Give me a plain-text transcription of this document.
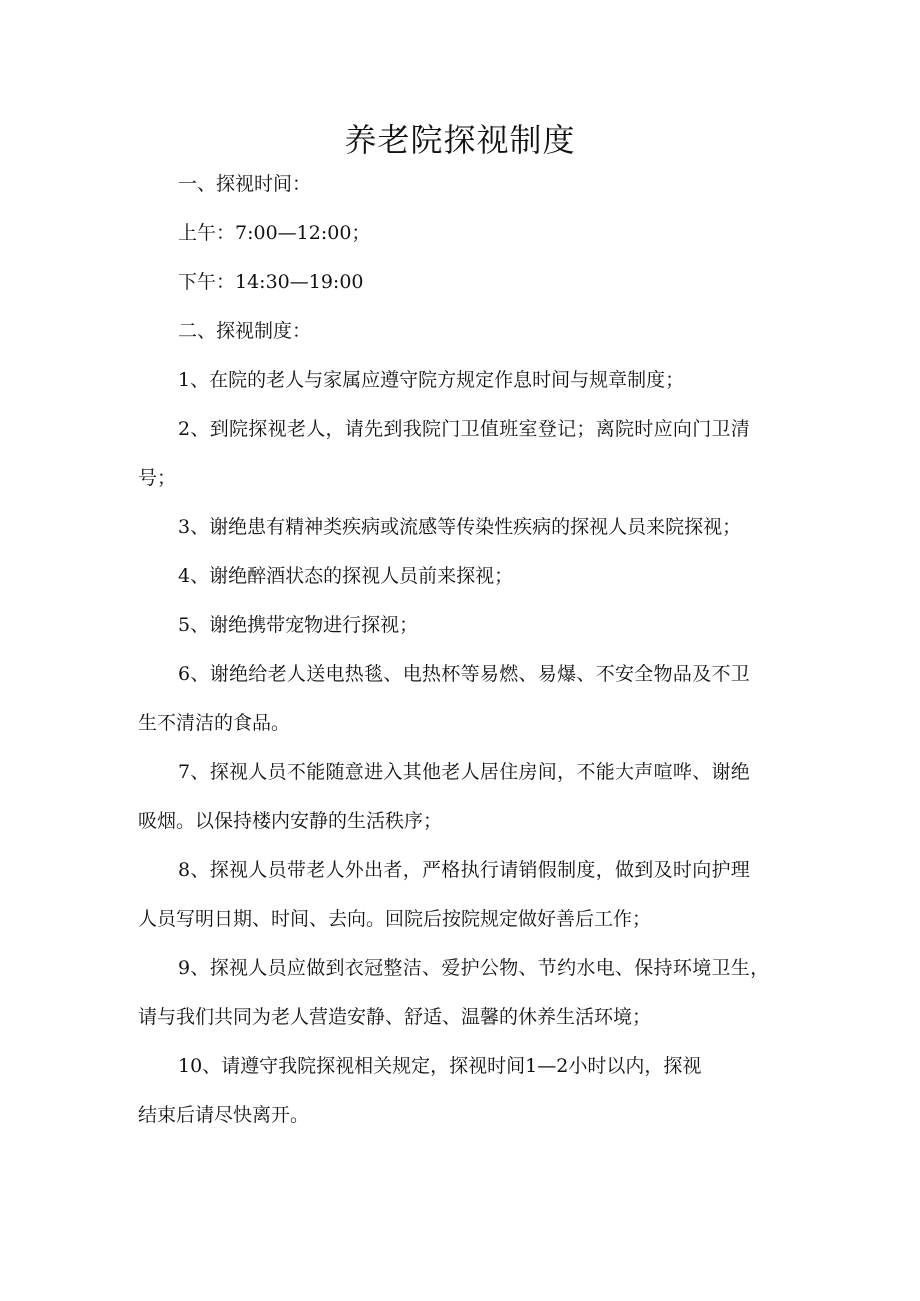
养老院探视制度

一、探视时间：

上午：7:00—12:00；

下午：14:30—19:00

二、探视制度：

1、在院的老人与家属应遵守院方规定作息时间与规章制度；

2、到院探视老人，请先到我院门卫值班室登记；离院时应向门卫清

号；

3、谢绝患有精神类疾病或流感等传染性疾病的探视人员来院探视；

4、谢绝醉酒状态的探视人员前来探视；

5、谢绝携带宠物进行探视；

6、谢绝给老人送电热毯、电热杯等易燃、易爆、不安全物品及不卫

生不清洁的食品。

7、探视人员不能随意进入其他老人居住房间，不能大声喧哗、谢绝

吸烟。以保持楼内安静的生活秩序；

8、探视人员带老人外出者，严格执行请销假制度，做到及时向护理

人员写明日期、时间、去向。回院后按院规定做好善后工作；

9、探视人员应做到衣冠整洁、爱护公物、节约水电、保持环境卫生，

请与我们共同为老人营造安静、舒适、温馨的休养生活环境；

10、请遵守我院探视相关规定，探视时间1—2小时以内，探视

结束后请尽快离开。
